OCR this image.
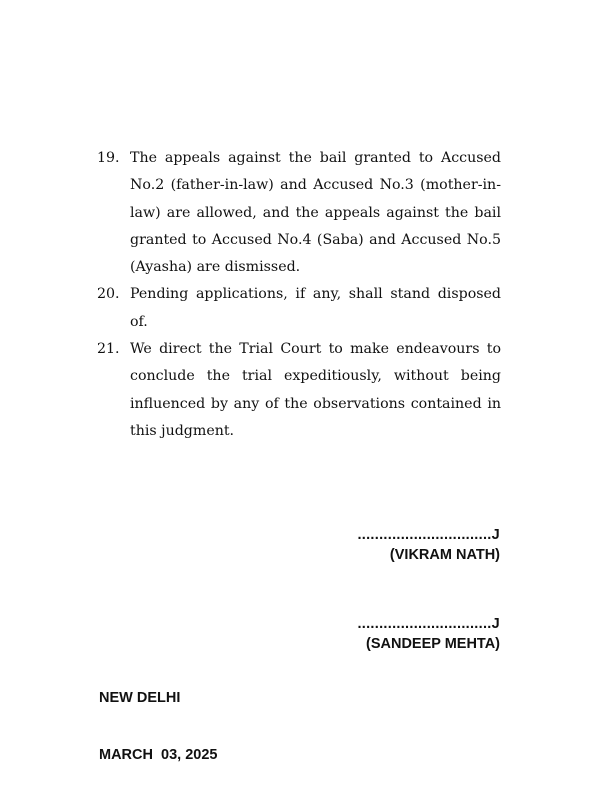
19. The appeals against the bail granted to Accused No.2 (father-in-law) and Accused No.3 (mother-in-law) are allowed, and the appeals against the bail granted to Accused No.4 (Saba) and Accused No.5 (Ayasha) are dismissed.
20. Pending applications, if any, shall stand disposed of.
21. We direct the Trial Court to make endeavours to conclude the trial expeditiously, without being influenced by any of the observations contained in this judgment.
...............................J
(VIKRAM NATH)
...............................J
(SANDEEP MEHTA)

NEW DELHI

MARCH  03, 2025
